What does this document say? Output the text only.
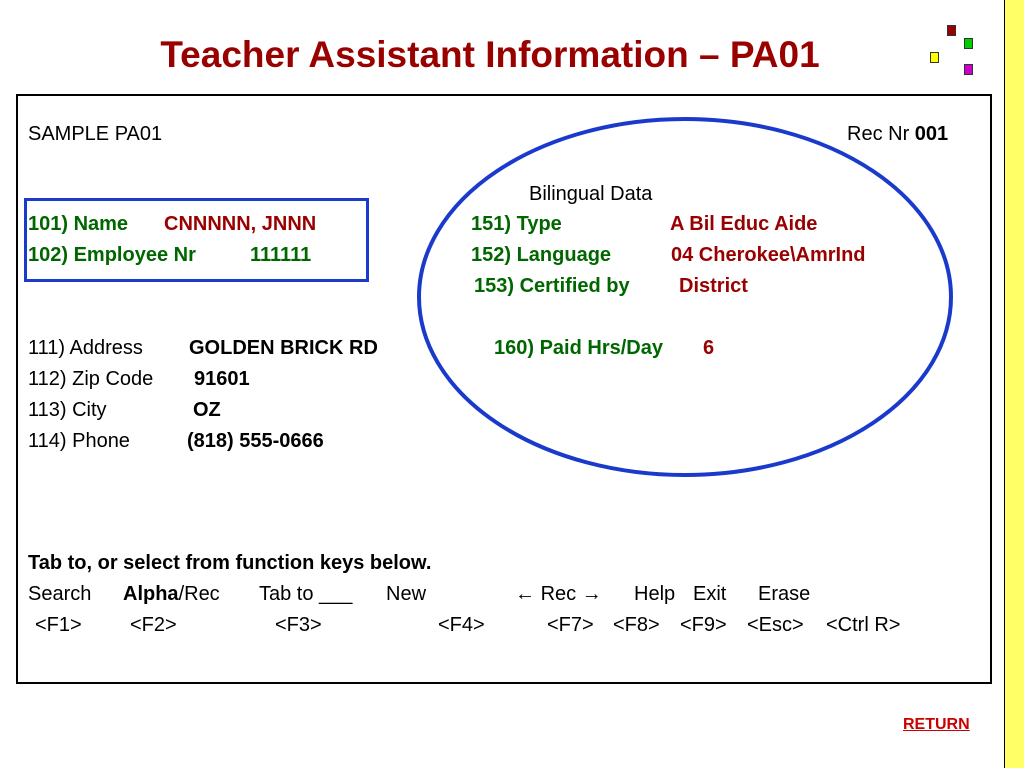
Teacher Assistant Information – PA01
SAMPLE PA01	Rec Nr 001
Bilingual Data
101) Name CNNNNN, JNNN
102) Employee Nr	111111
151) Type	A Bil Educ Aide
152) Language	04 Cherokee\AmrInd
153) Certified by District
111) Address GOLDEN BRICK RD	160) Paid Hrs/Day 6
112) Zip Code 91601
113) City	OZ
114) Phone	(818) 555-0666
Tab to, or select from function keys below.
Search Alpha/Rec Tab to ___ New	← Rec → Help Exit Erase
<F1> <F2>	<F3>	<F4>	<F7> <F8> <F9> <Esc> <Ctrl R>
RETURN
